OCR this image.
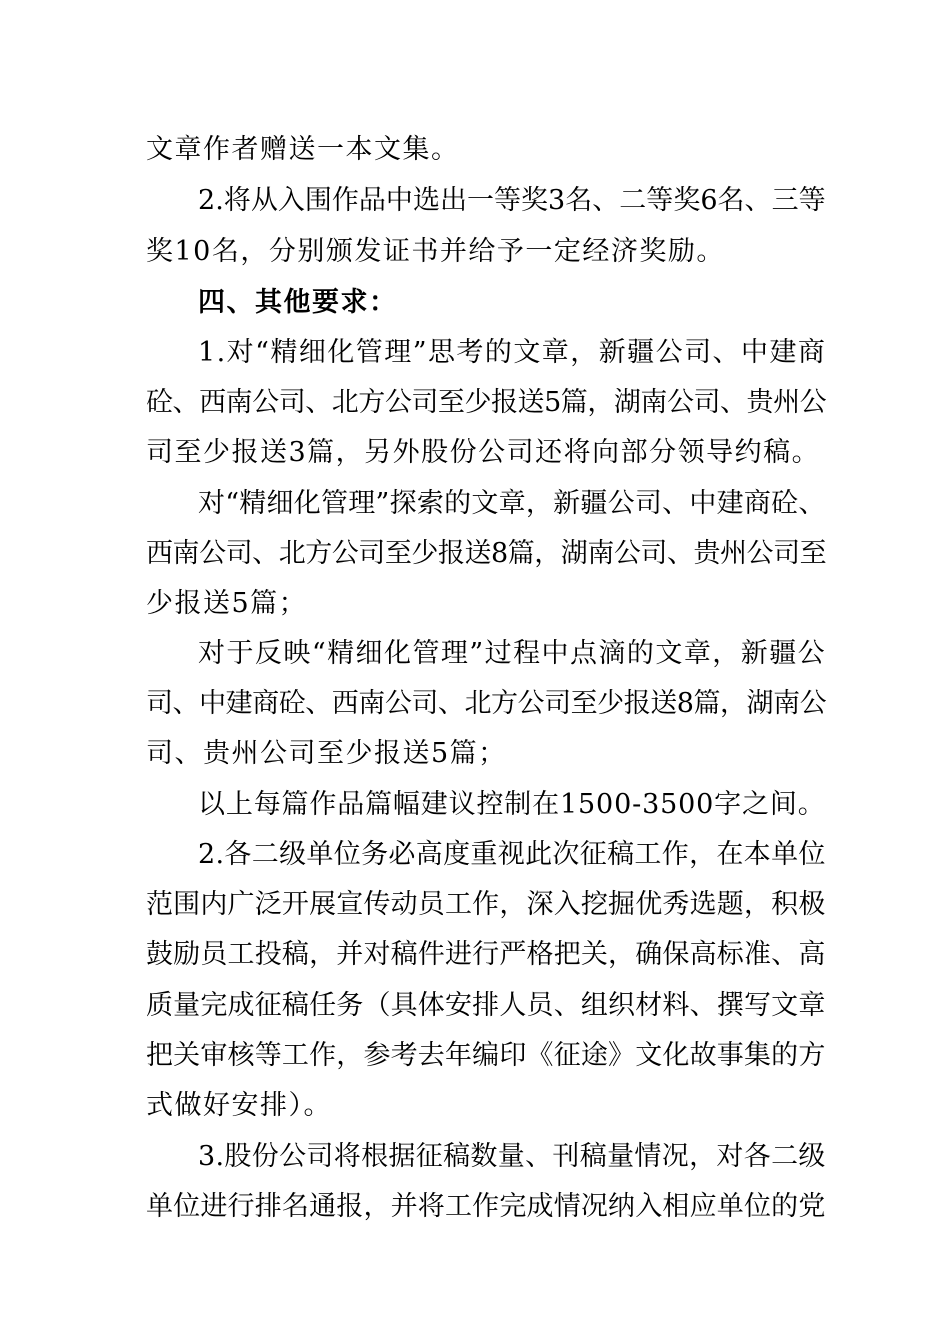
文章作者赠送一本文集。
2.将从入围作品中选出一等奖3名、二等奖6名、三等
奖10名，分别颁发证书并给予一定经济奖励。
四、其他要求：
1.对“精细化管理”思考的文章，新疆公司、中建商
砼、西南公司、北方公司至少报送5篇，湖南公司、贵州公
司至少报送3篇，另外股份公司还将向部分领导约稿。
对“精细化管理”探索的文章，新疆公司、中建商砼、
西南公司、北方公司至少报送8篇，湖南公司、贵州公司至
少报送5篇；
对于反映“精细化管理”过程中点滴的文章，新疆公
司、中建商砼、西南公司、北方公司至少报送8篇，湖南公
司、贵州公司至少报送5篇；
以上每篇作品篇幅建议控制在1500-3500字之间。
2.各二级单位务必高度重视此次征稿工作，在本单位
范围内广泛开展宣传动员工作，深入挖掘优秀选题，积极
鼓励员工投稿，并对稿件进行严格把关，确保高标准、高
质量完成征稿任务（具体安排人员、组织材料、撰写文章
把关审核等工作，参考去年编印《征途》文化故事集的方
式做好安排）。
3.股份公司将根据征稿数量、刊稿量情况，对各二级
单位进行排名通报，并将工作完成情况纳入相应单位的党
